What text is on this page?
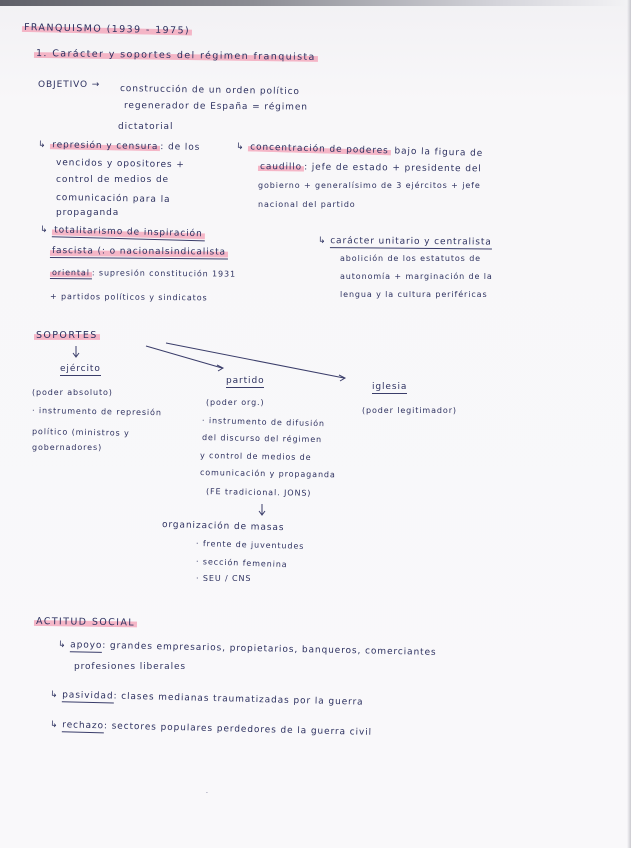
FRANQUISMO (1939 - 1975)
1. Carácter y soportes del régimen franquista
OBJETIVO → construcción de un orden político
regenerador de España = régimen
dictatorial
↳ represión y censura : de los
vencidos y opositores +
control de medios de
comunicación para la
propaganda
↳ concentración de poderes bajo la figura de
caudillo : jefe de estado + presidente del
gobierno + generalísimo de 3 ejércitos + jefe
nacional del partido
↳ totalitarismo de inspiración
fascista (: o nacionalsindicalista
oriental : supresión constitución 1931
+ partidos políticos y sindicatos
↳ carácter unitario y centralista
abolición de los estatutos de
autonomía + marginación de la
lengua y la cultura periféricas
SOPORTES
ejército
(poder absoluto)
· instrumento de represión
político (ministros y
gobernadores)
partido
(poder org.)
· instrumento de difusión
del discurso del régimen
y control de medios de
comunicación y propaganda
(FE tradicional. JONS)
organización de masas
· frente de juventudes
· sección femenina
· SEU / CNS
iglesia
(poder legitimador)
ACTITUD SOCIAL
↳ apoyo: grandes empresarios, propietarios, banqueros, comerciantes
profesiones liberales
↳ pasividad: clases medianas traumatizadas por la guerra
↳ rechazo: sectores populares perdedores de la guerra civil
·
